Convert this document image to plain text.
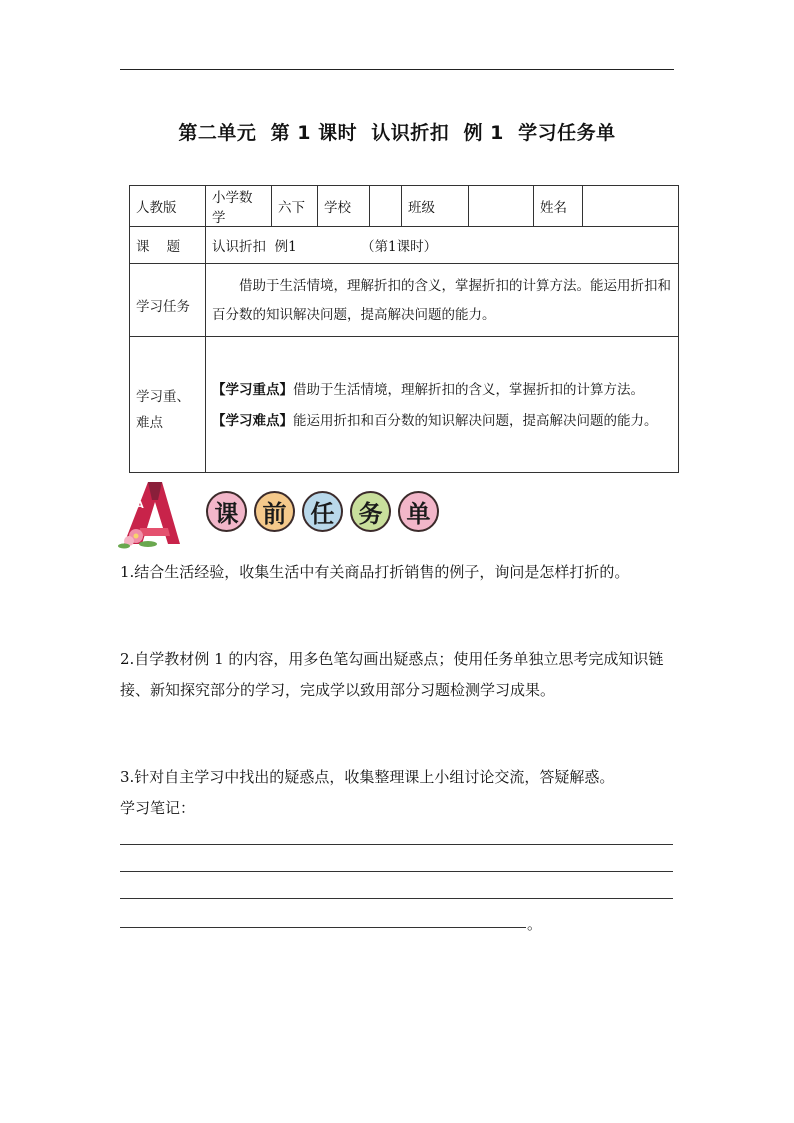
第二单元  第 1 课时  认识折扣  例 1  学习任务单
人教版	小学数学	六下	学校		班级		姓名	
课    题	认识折扣  例1               （第1课时）							
学习任务	借助于生活情境，理解折扣的含义，掌握折扣的计算方法。能运用折扣和百分数的知识解决问题，提高解决问题的能力。							

学习重、难点	【学习重点】借助于生活情境，理解折扣的含义，掌握折扣的计算方法。
【学习难点】能运用折扣和百分数的知识解决问题，提高解决问题的能力。							
A	课	前	任	务	单
1.结合生活经验，收集生活中有关商品打折销售的例子，询问是怎样打折的。
2.自学教材例 1 的内容，用多色笔勾画出疑惑点；使用任务单独立思考完成知识链接、新知探究部分的学习，完成学以致用部分习题检测学习成果。
3.针对自主学习中找出的疑惑点，收集整理课上小组讨论交流，答疑解惑。
学习笔记：
。
